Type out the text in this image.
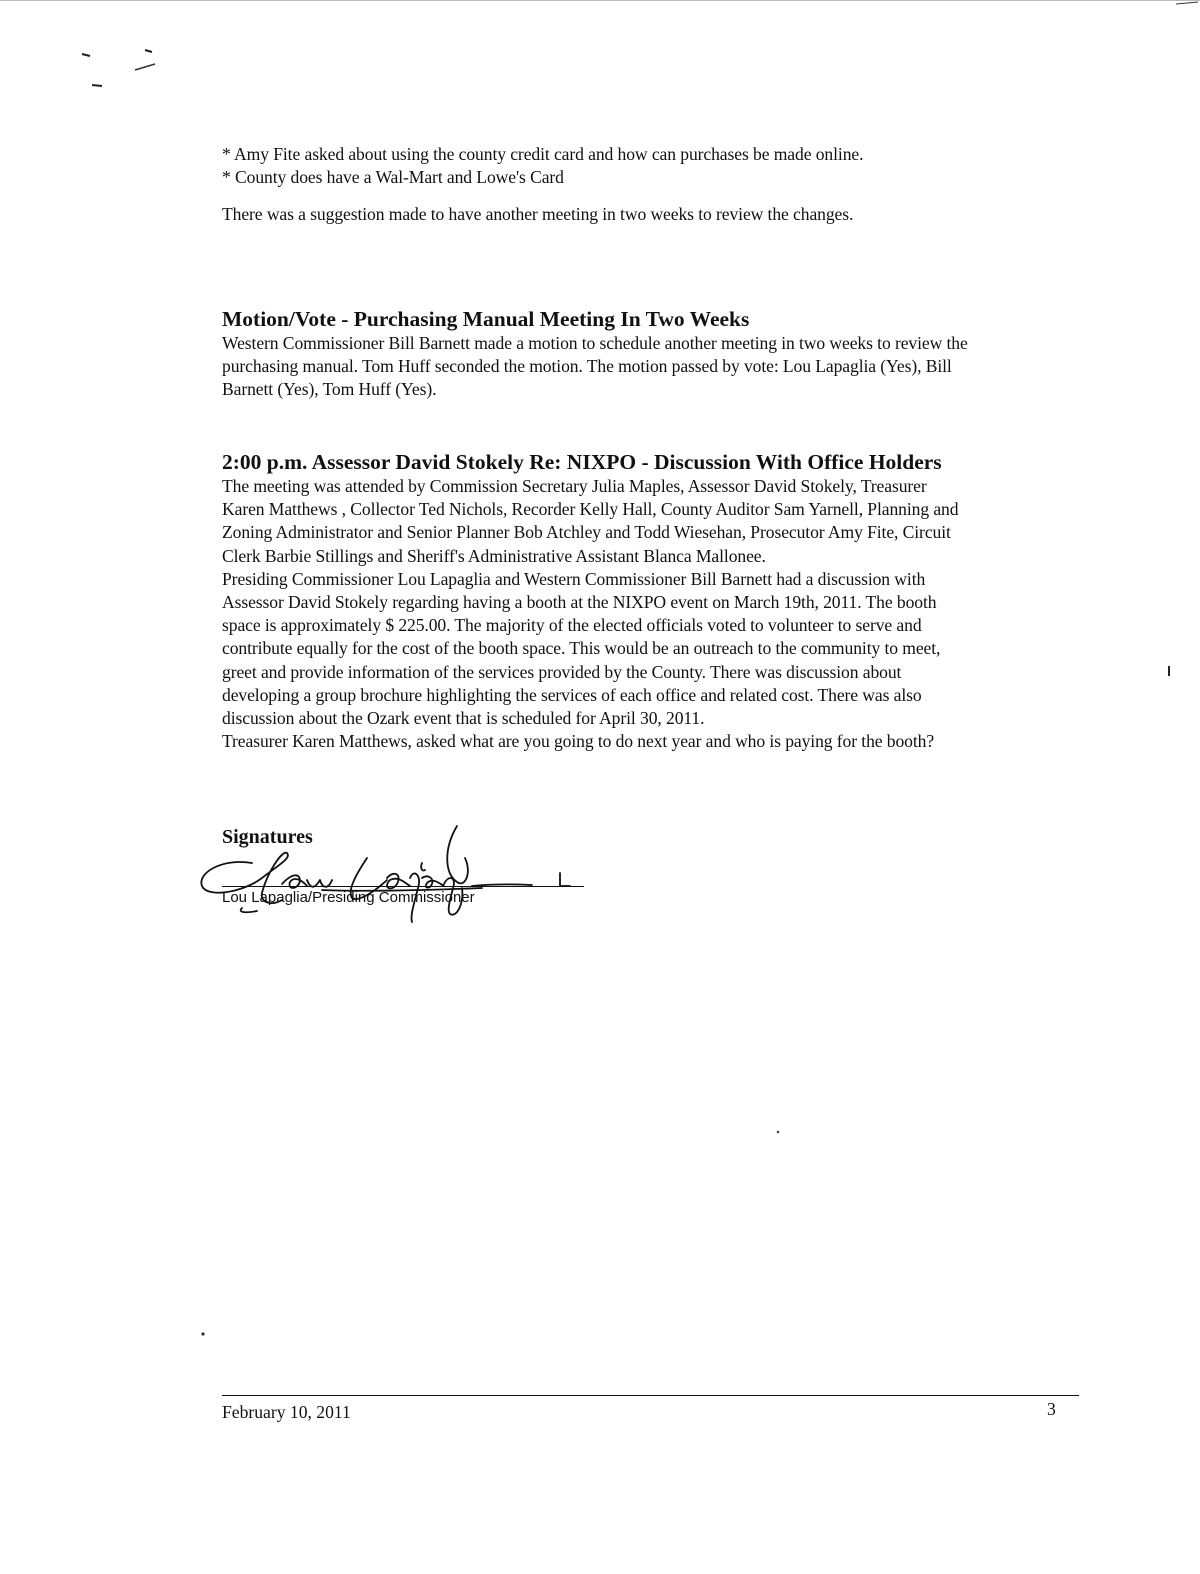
* Amy Fite asked about using the county credit card and how can purchases be made online.

* County does have a Wal-Mart and Lowe's Card

There was a suggestion made to have another meeting in two weeks to review the changes.

Motion/Vote - Purchasing Manual Meeting In Two Weeks

Western Commissioner Bill Barnett made a motion to schedule another meeting in two weeks to review the

purchasing manual. Tom Huff seconded the motion. The motion passed by vote: Lou Lapaglia (Yes), Bill

Barnett (Yes), Tom Huff (Yes).

2:00 p.m. Assessor David Stokely Re: NIXPO - Discussion With Office Holders

The meeting was attended by Commission Secretary Julia Maples, Assessor David Stokely, Treasurer

Karen Matthews , Collector Ted Nichols, Recorder Kelly Hall, County Auditor Sam Yarnell, Planning and

Zoning Administrator and Senior Planner Bob Atchley and Todd Wiesehan, Prosecutor Amy Fite, Circuit

Clerk Barbie Stillings and Sheriff's Administrative Assistant Blanca Mallonee.

Presiding Commissioner Lou Lapaglia and Western Commissioner Bill Barnett had a discussion with

Assessor David Stokely regarding having a booth at the NIXPO event on March 19th, 2011. The booth

space is approximately $ 225.00. The majority of the elected officials voted to volunteer to serve and

contribute equally for the cost of the booth space. This would be an outreach to the community to meet,

greet and provide information of the services provided by the County. There was discussion about

developing a group brochure highlighting the services of each office and related cost. There was also

discussion about the Ozark event that is scheduled for April 30, 2011.

Treasurer Karen Matthews, asked what are you going to do next year and who is paying for the booth?

Signatures
Lou Lapaglia/Presiding Commissioner
February 10, 2011	3
